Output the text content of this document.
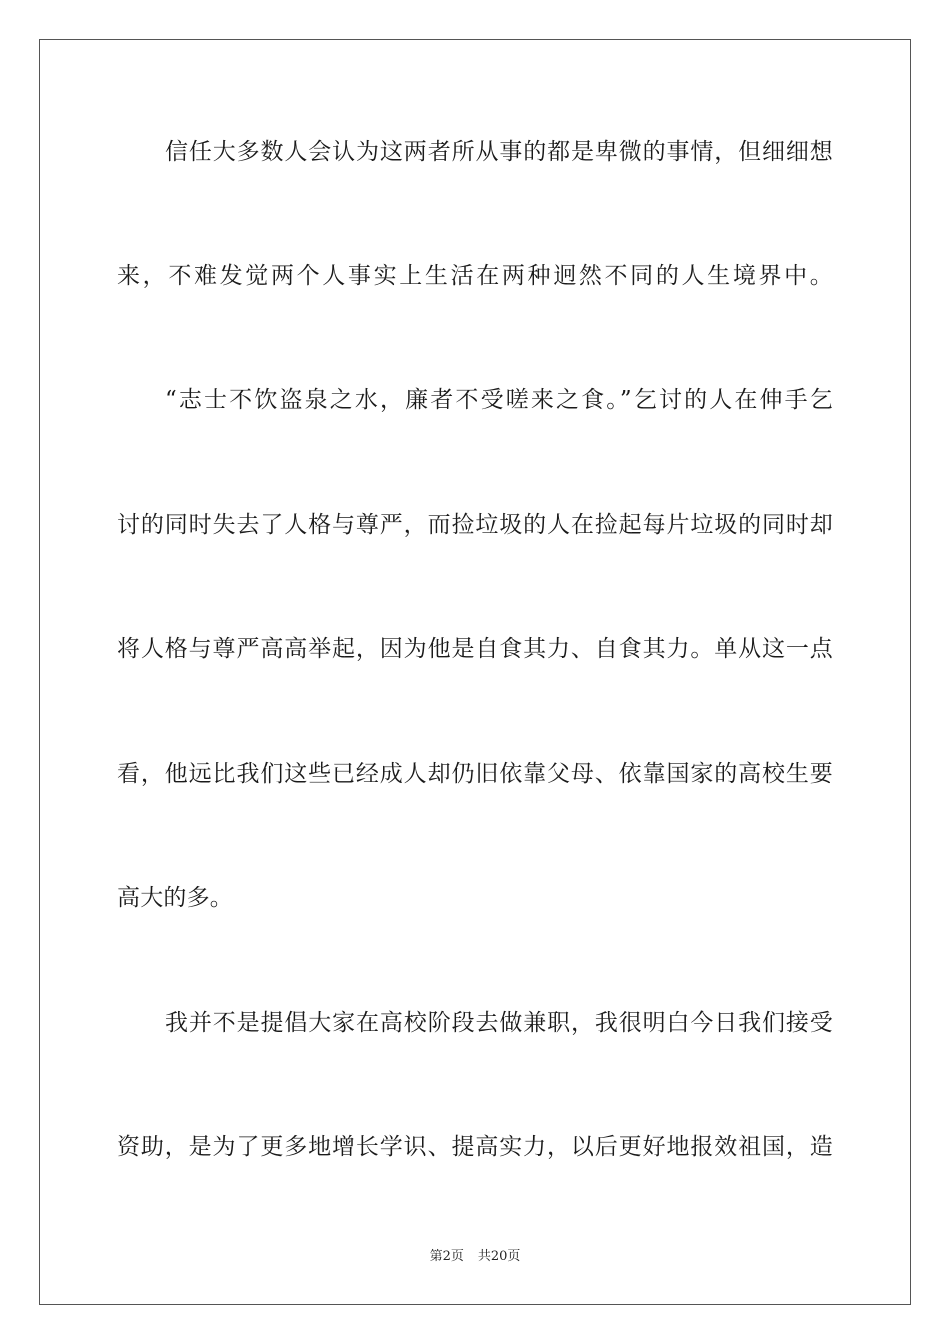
信任大多数人会认为这两者所从事的都是卑微的事情，但细细想
来，不难发觉两个人事实上生活在两种迥然不同的人生境界中。
“志士不饮盗泉之水，廉者不受嗟来之食。”乞讨的人在伸手乞
讨的同时失去了人格与尊严，而捡垃圾的人在捡起每片垃圾的同时却
将人格与尊严高高举起，因为他是自食其力、自食其力。单从这一点
看，他远比我们这些已经成人却仍旧依靠父母、依靠国家的高校生要
高大的多。
我并不是提倡大家在高校阶段去做兼职，我很明白今日我们接受
资助，是为了更多地增长学识、提高实力，以后更好地报效祖国，造
第2页 共20页
